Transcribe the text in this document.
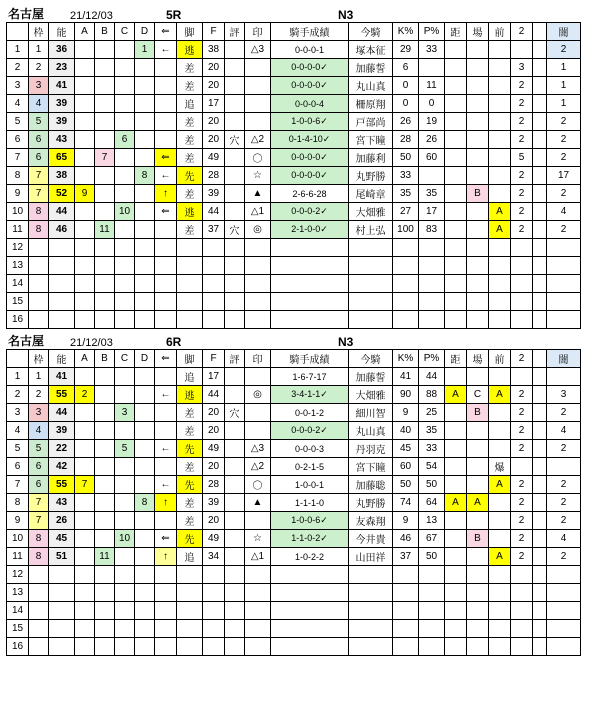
名古屋	21/12/03	5R	N3
	枠	能	A	B	C	D	⇐	脚	F	評	印	騎手成績	今騎	K%	P%	距	場	前	2		闇
1	1	36				1	←	逃	38		△3	0-0-0-1	塚本征	29	33						2
2	2	23						差	20			0-0-0-0✓	加藤誓	6					3		1
3	3	41						差	20			0-0-0-0✓	丸山真	0	11				2		1
4	4	39						追	17			0-0-0-4	柵原翔	0	0				2		1
5	5	39						差	20			1-0-0-6✓	戸部尚	26	19				2		2
6	6	43			6			差	20	穴	△2	0-1-4-10✓	宮下瞳	28	26				2		2
7	6	65		7			⇐	差	49		〇	0-0-0-0✓	加藤利	50	60				5		2
8	7	38				8	←	先	28		☆	0-0-0-0✓	丸野勝	33					2		17
9	7	52	9				↑	差	39		▲	2-6-6-28	尾崎章	35	35		B		2		2
10	8	44			10		⇐	逃	44		△1	0-0-0-2✓	大畑雅	27	17			A	2		4
11	8	46		11				差	37	穴	◎	2-1-0-0✓	村上弘	100	83			A	2		2
12																					
13																					
14																					
15																					
16																					
名古屋	21/12/03	6R	N3
	枠	能	A	B	C	D	⇐	脚	F	評	印	騎手成績	今騎	K%	P%	距	場	前	2		闇
1	1	41						追	17			1-6-7-17	加藤誓	41	44						
2	2	55	2				←	逃	44		◎	3-4-1-1✓	大畑雅	90	88	A	C	A	2		3
3	3	44			3			差	20	穴		0-0-1-2	細川智	9	25		B		2		2
4	4	39						差	20			0-0-0-2✓	丸山真	40	35				2		4
5	5	22			5		←	先	49		△3	0-0-0-3	丹羽克	45	33				2		2
6	6	42						差	20		△2	0-2-1-5	宮下瞳	60	54			爆			
7	6	55	7				←	先	28		〇	1-0-0-1	加藤聡	50	50			A	2		2
8	7	43				8	↑	差	39		▲	1-1-1-0	丸野勝	74	64	A	A		2		2
9	7	26						差	20			1-0-0-6✓	友森翔	9	13				2		2
10	8	45			10		⇐	先	49		☆	1-1-0-2✓	今井貴	46	67		B		2		4
11	8	51		11			↑	追	34		△1	1-0-2-2	山田祥	37	50			A	2		2
12																					
13																					
14																					
15																					
16																					
